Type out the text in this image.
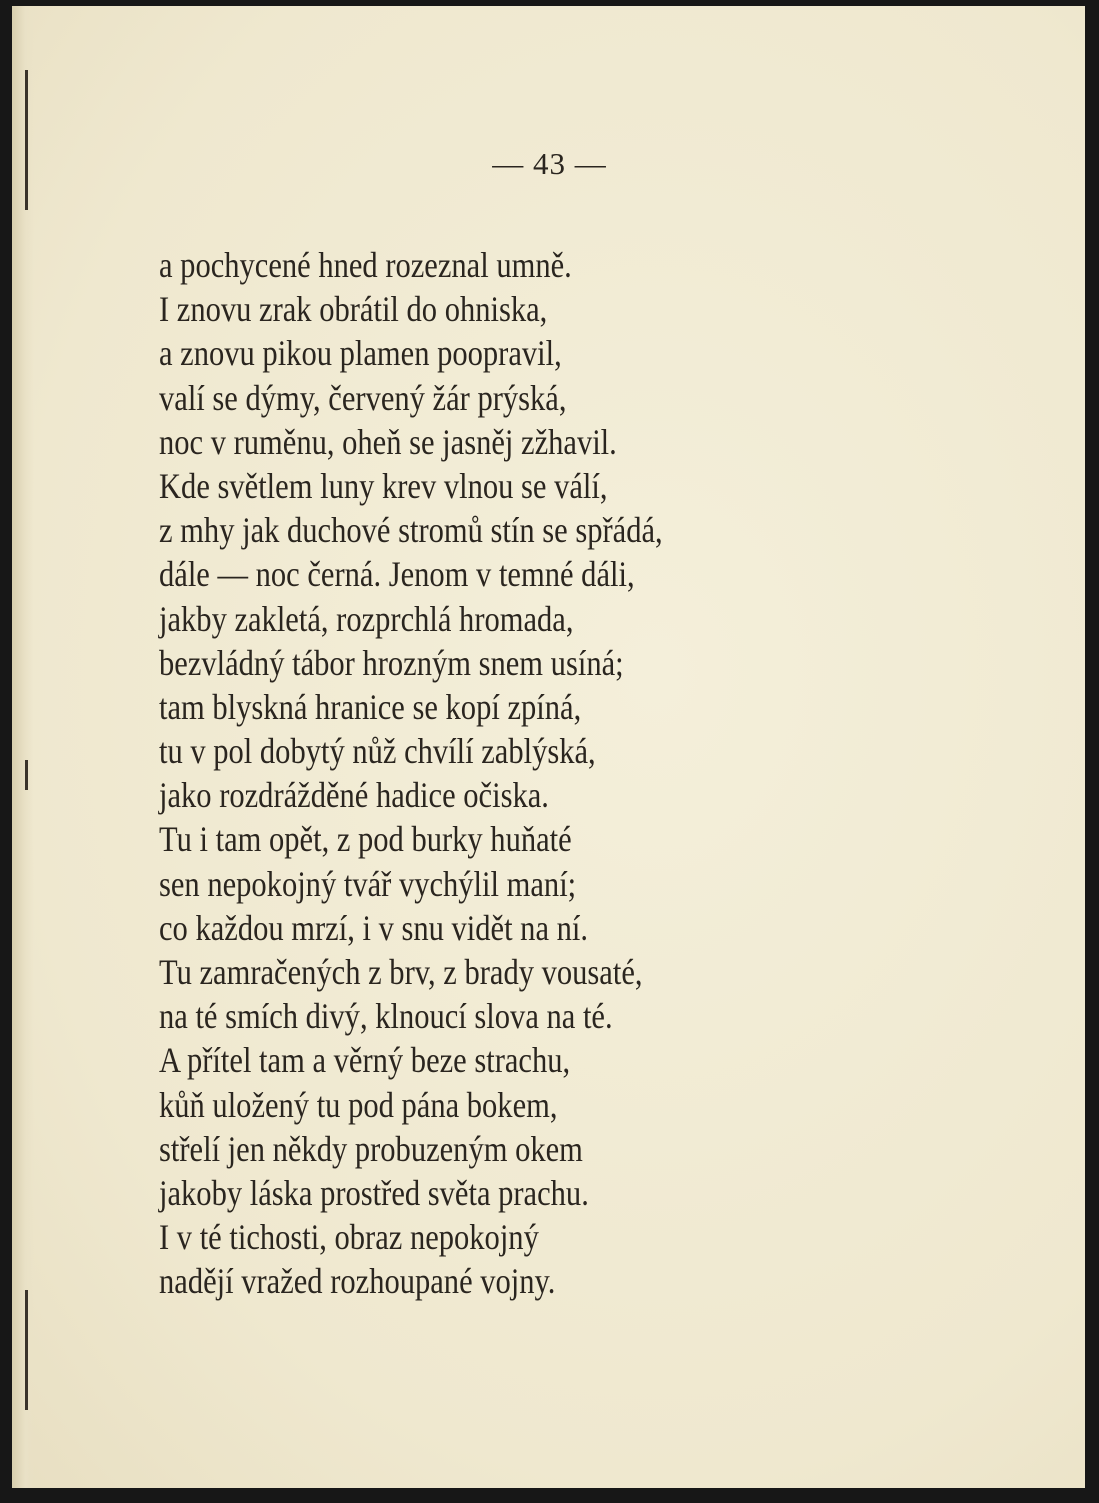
— 43 —
a pochycené hned rozeznal umně.
I znovu zrak obrátil do ohniska,
a znovu pikou plamen poopravil,
valí se dýmy, červený žár prýská,
noc v ruměnu, oheň se jasněj zžhavil.
Kde světlem luny krev vlnou se válí,
z mhy jak duchové stromů stín se spřádá,
dále — noc černá. Jenom v temné dáli,
jakby zakletá, rozprchlá hromada,
bezvládný tábor hrozným snem usíná;
tam blyskná hranice se kopí zpíná,
tu v pol dobytý nůž chvílí zablýská,
jako rozdrážděné hadice očiska.
Tu i tam opět, z pod burky huňaté
sen nepokojný tvář vychýlil maní;
co každou mrzí, i v snu vidět na ní.
Tu zamračených z brv, z brady vousaté,
na té smích divý, klnoucí slova na té.
A přítel tam a věrný beze strachu,
kůň uložený tu pod pána bokem,
střelí jen někdy probuzeným okem
jakoby láska prostřed světa prachu.
I v té tichosti, obraz nepokojný
nadějí vražed rozhoupané vojny.
